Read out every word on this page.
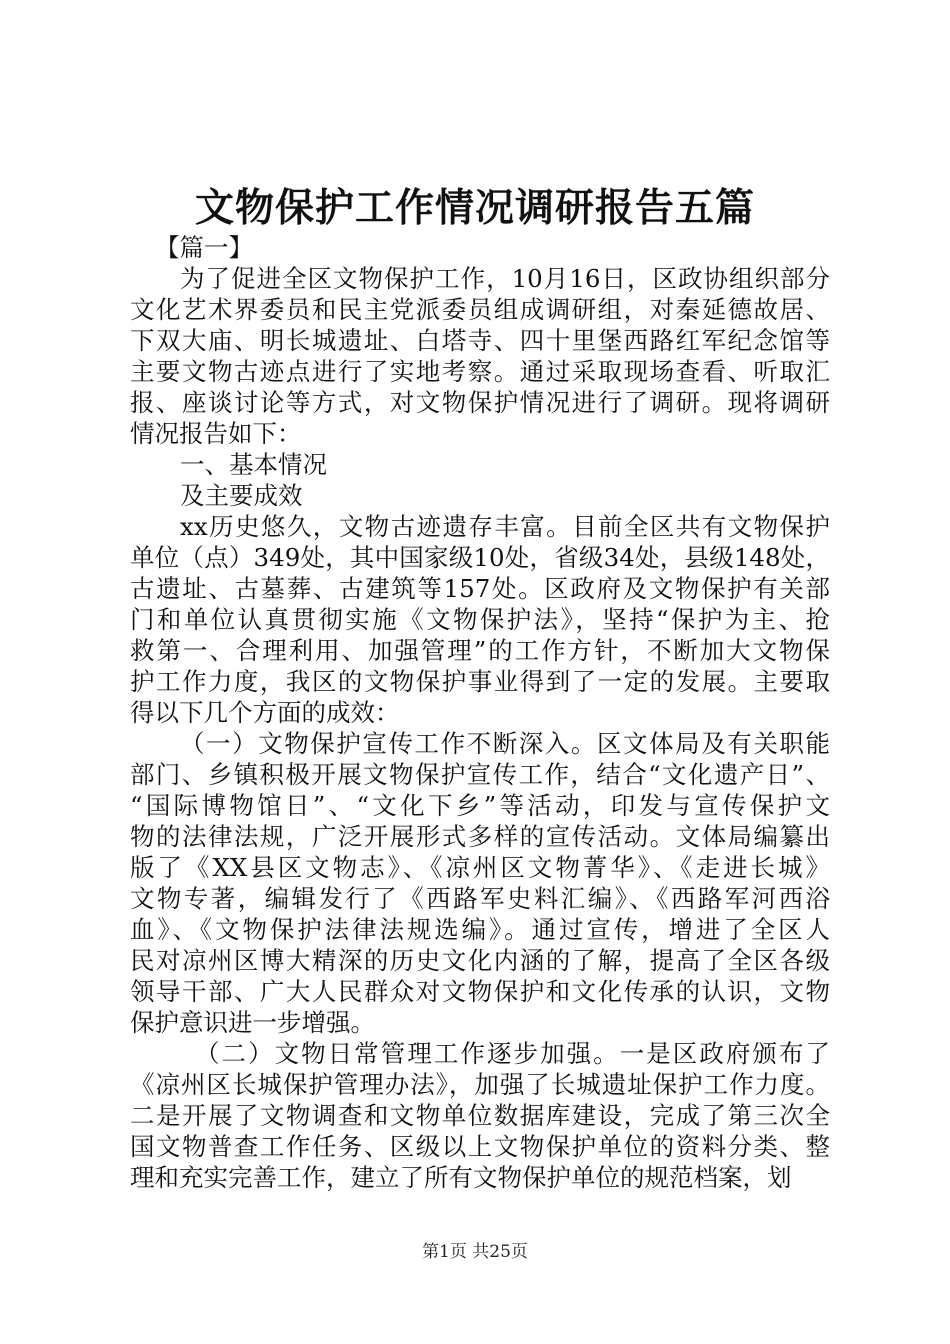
文物保护工作情况调研报告五篇
【篇一】
为了促进全区文物保护工作，10月16日，区政协组织部分
文化艺术界委员和民主党派委员组成调研组，对秦延德故居、
下双大庙、明长城遗址、白塔寺、四十里堡西路红军纪念馆等
主要文物古迹点进行了实地考察。通过采取现场查看、听取汇
报、座谈讨论等方式，对文物保护情况进行了调研。现将调研
情况报告如下：
一、基本情况
及主要成效
xx历史悠久，文物古迹遗存丰富。目前全区共有文物保护
单位（点）349处，其中国家级10处，省级34处，县级148处，
古遗址、古墓葬、古建筑等157处。区政府及文物保护有关部
门和单位认真贯彻实施《文物保护法》，坚持“保护为主、抢
救第一、合理利用、加强管理”的工作方针，不断加大文物保
护工作力度，我区的文物保护事业得到了一定的发展。主要取
得以下几个方面的成效：
（一）文物保护宣传工作不断深入。区文体局及有关职能
部门、乡镇积极开展文物保护宣传工作，结合“文化遗产日”、
“国际博物馆日”、“文化下乡”等活动，印发与宣传保护文
物的法律法规，广泛开展形式多样的宣传活动。文体局编纂出
版了《XX县区文物志》、《凉州区文物菁华》、《走进长城》
文物专著，编辑发行了《西路军史料汇编》、《西路军河西浴
血》、《文物保护法律法规选编》。通过宣传，增进了全区人
民对凉州区博大精深的历史文化内涵的了解，提高了全区各级
领导干部、广大人民群众对文物保护和文化传承的认识，文物
保护意识进一步增强。
（二）文物日常管理工作逐步加强。一是区政府颁布了
《凉州区长城保护管理办法》，加强了长城遗址保护工作力度。
二是开展了文物调查和文物单位数据库建设，完成了第三次全
国文物普查工作任务、区级以上文物保护单位的资料分类、整
理和充实完善工作，建立了所有文物保护单位的规范档案，划
第1页 共25页
